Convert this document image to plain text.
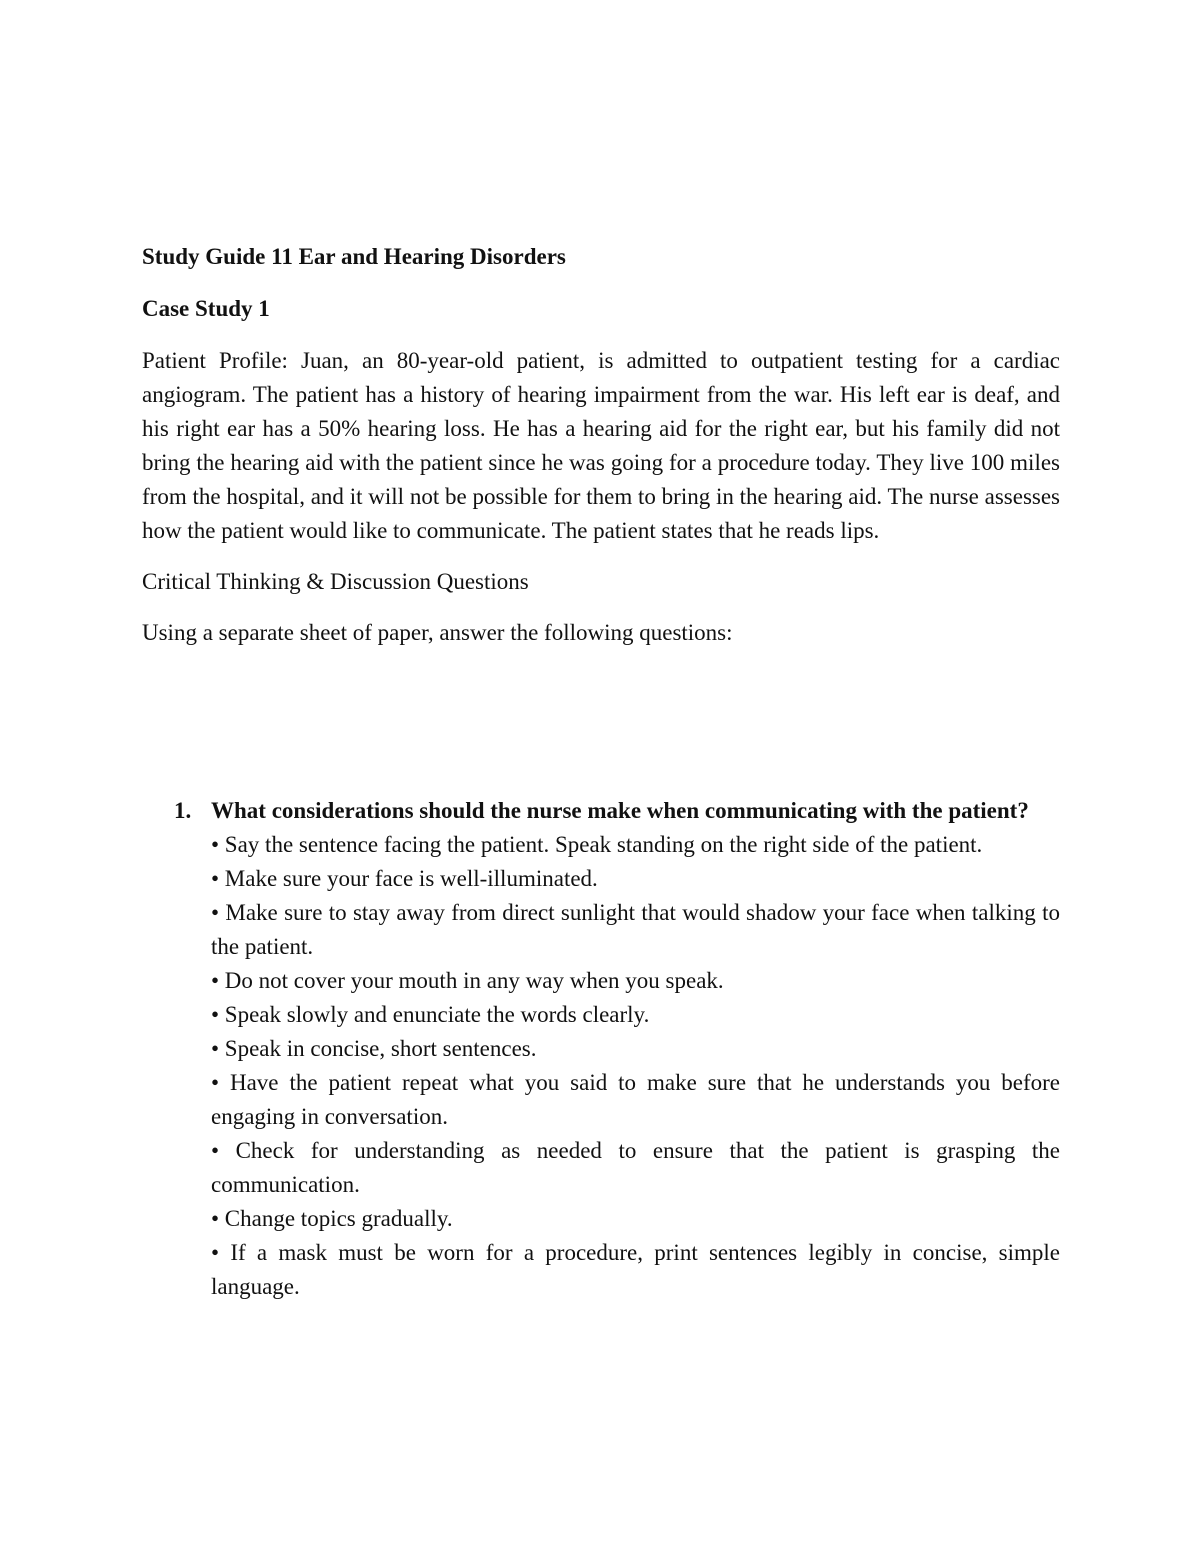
Study Guide 11 Ear and Hearing Disorders
Case Study 1
Patient Profile: Juan, an 80-year-old patient, is admitted to outpatient testing for a cardiac angiogram. The patient has a history of hearing impairment from the war. His left ear is deaf, and his right ear has a 50% hearing loss. He has a hearing aid for the right ear, but his family did not bring the hearing aid with the patient since he was going for a procedure today. They live 100 miles from the hospital, and it will not be possible for them to bring in the hearing aid. The nurse assesses how the patient would like to communicate. The patient states that he reads lips.
Critical Thinking & Discussion Questions
Using a separate sheet of paper, answer the following questions:
1. What considerations should the nurse make when communicating with the patient?
• Say the sentence facing the patient. Speak standing on the right side of the patient.
• Make sure your face is well-illuminated.
• Make sure to stay away from direct sunlight that would shadow your face when talking to the patient.
• Do not cover your mouth in any way when you speak.
• Speak slowly and enunciate the words clearly.
• Speak in concise, short sentences.
• Have the patient repeat what you said to make sure that he understands you before engaging in conversation.
• Check for understanding as needed to ensure that the patient is grasping the communication.
• Change topics gradually.
• If a mask must be worn for a procedure, print sentences legibly in concise, simple language.
